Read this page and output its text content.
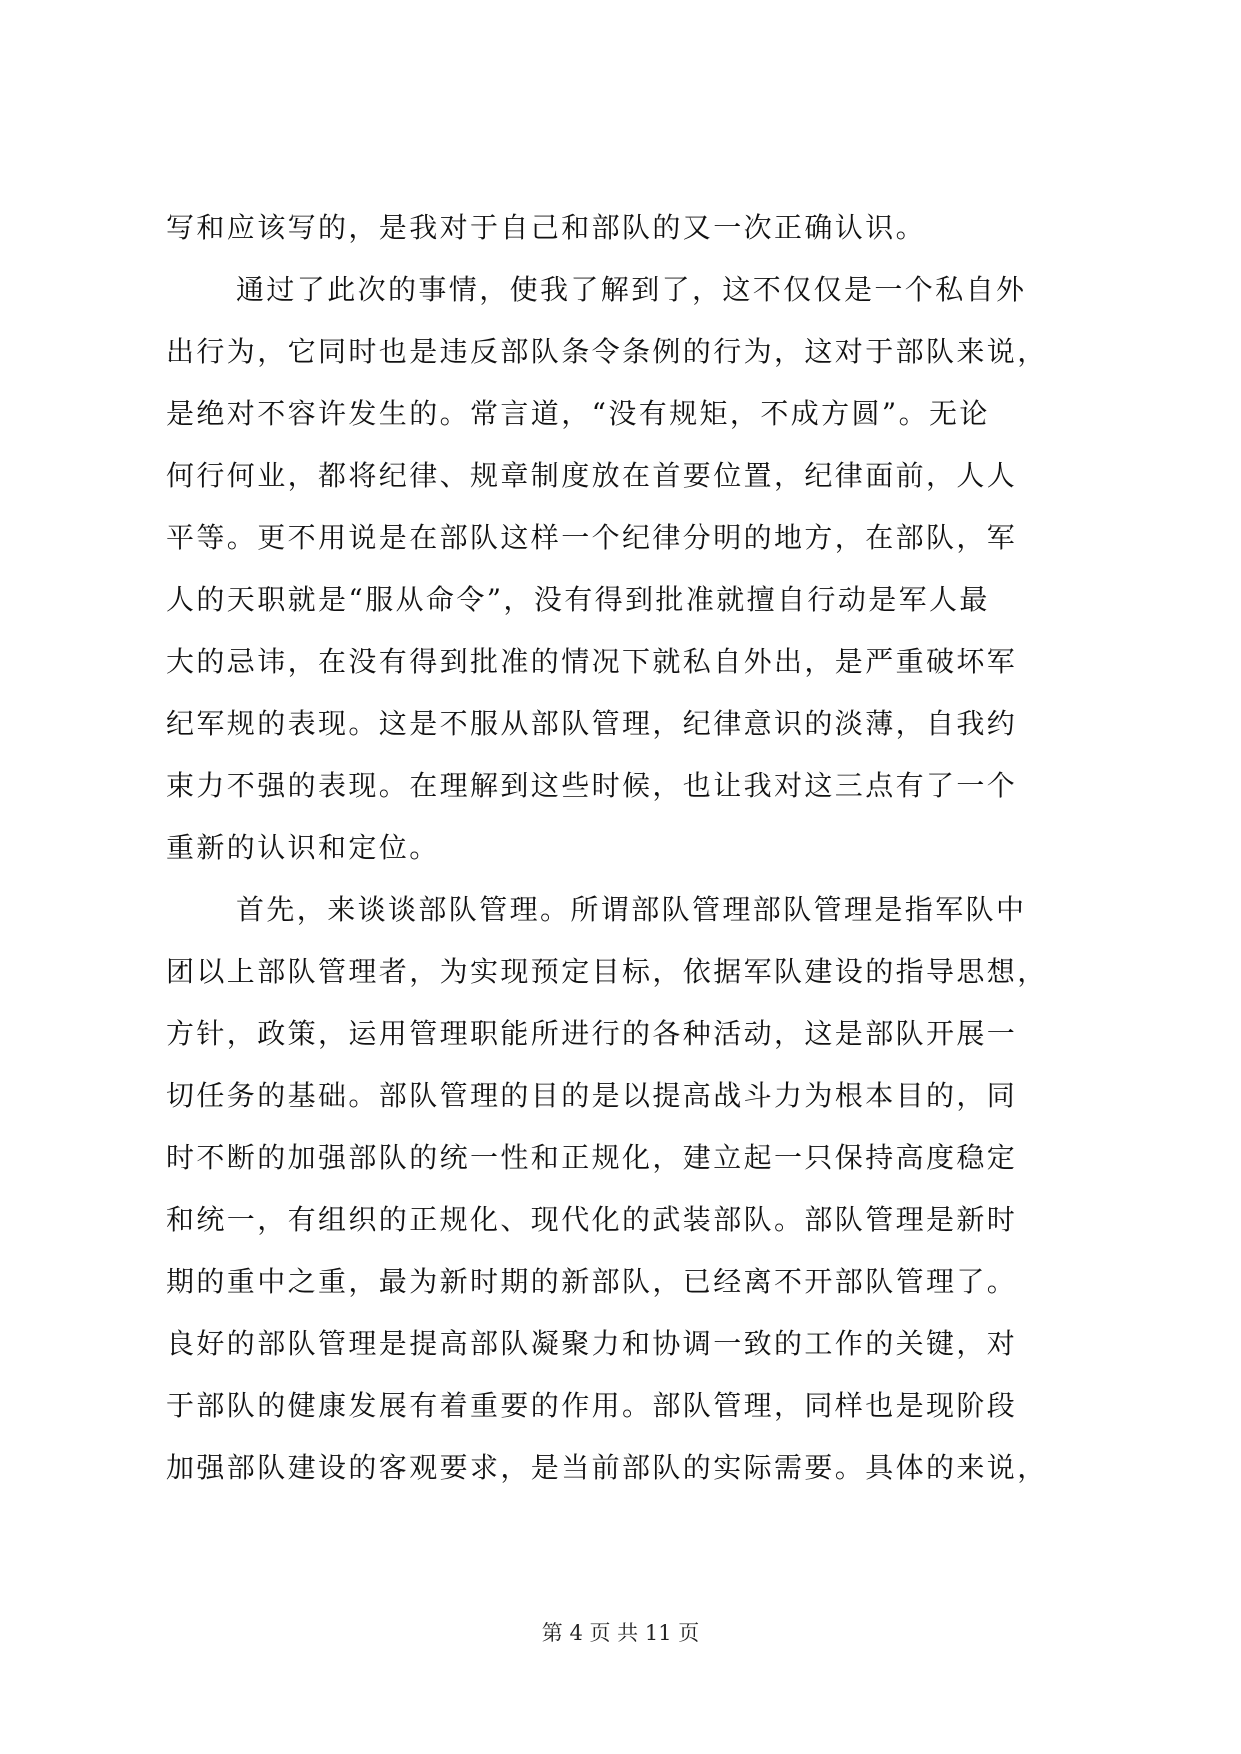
写和应该写的，是我对于自己和部队的又一次正确认识。
通过了此次的事情，使我了解到了，这不仅仅是一个私自外
出行为，它同时也是违反部队条令条例的行为，这对于部队来说，
是绝对不容许发生的。常言道，“没有规矩，不成方圆”。无论
何行何业，都将纪律、规章制度放在首要位置，纪律面前，人人
平等。更不用说是在部队这样一个纪律分明的地方，在部队，军
人的天职就是“服从命令”，没有得到批准就擅自行动是军人最
大的忌讳，在没有得到批准的情况下就私自外出，是严重破坏军
纪军规的表现。这是不服从部队管理，纪律意识的淡薄，自我约
束力不强的表现。在理解到这些时候，也让我对这三点有了一个
重新的认识和定位。
首先，来谈谈部队管理。所谓部队管理部队管理是指军队中
团以上部队管理者，为实现预定目标，依据军队建设的指导思想，
方针，政策，运用管理职能所进行的各种活动，这是部队开展一
切任务的基础。部队管理的目的是以提高战斗力为根本目的，同
时不断的加强部队的统一性和正规化，建立起一只保持高度稳定
和统一，有组织的正规化、现代化的武装部队。部队管理是新时
期的重中之重，最为新时期的新部队，已经离不开部队管理了。
良好的部队管理是提高部队凝聚力和协调一致的工作的关键，对
于部队的健康发展有着重要的作用。部队管理，同样也是现阶段
加强部队建设的客观要求，是当前部队的实际需要。具体的来说，
第 4 页 共 11 页
